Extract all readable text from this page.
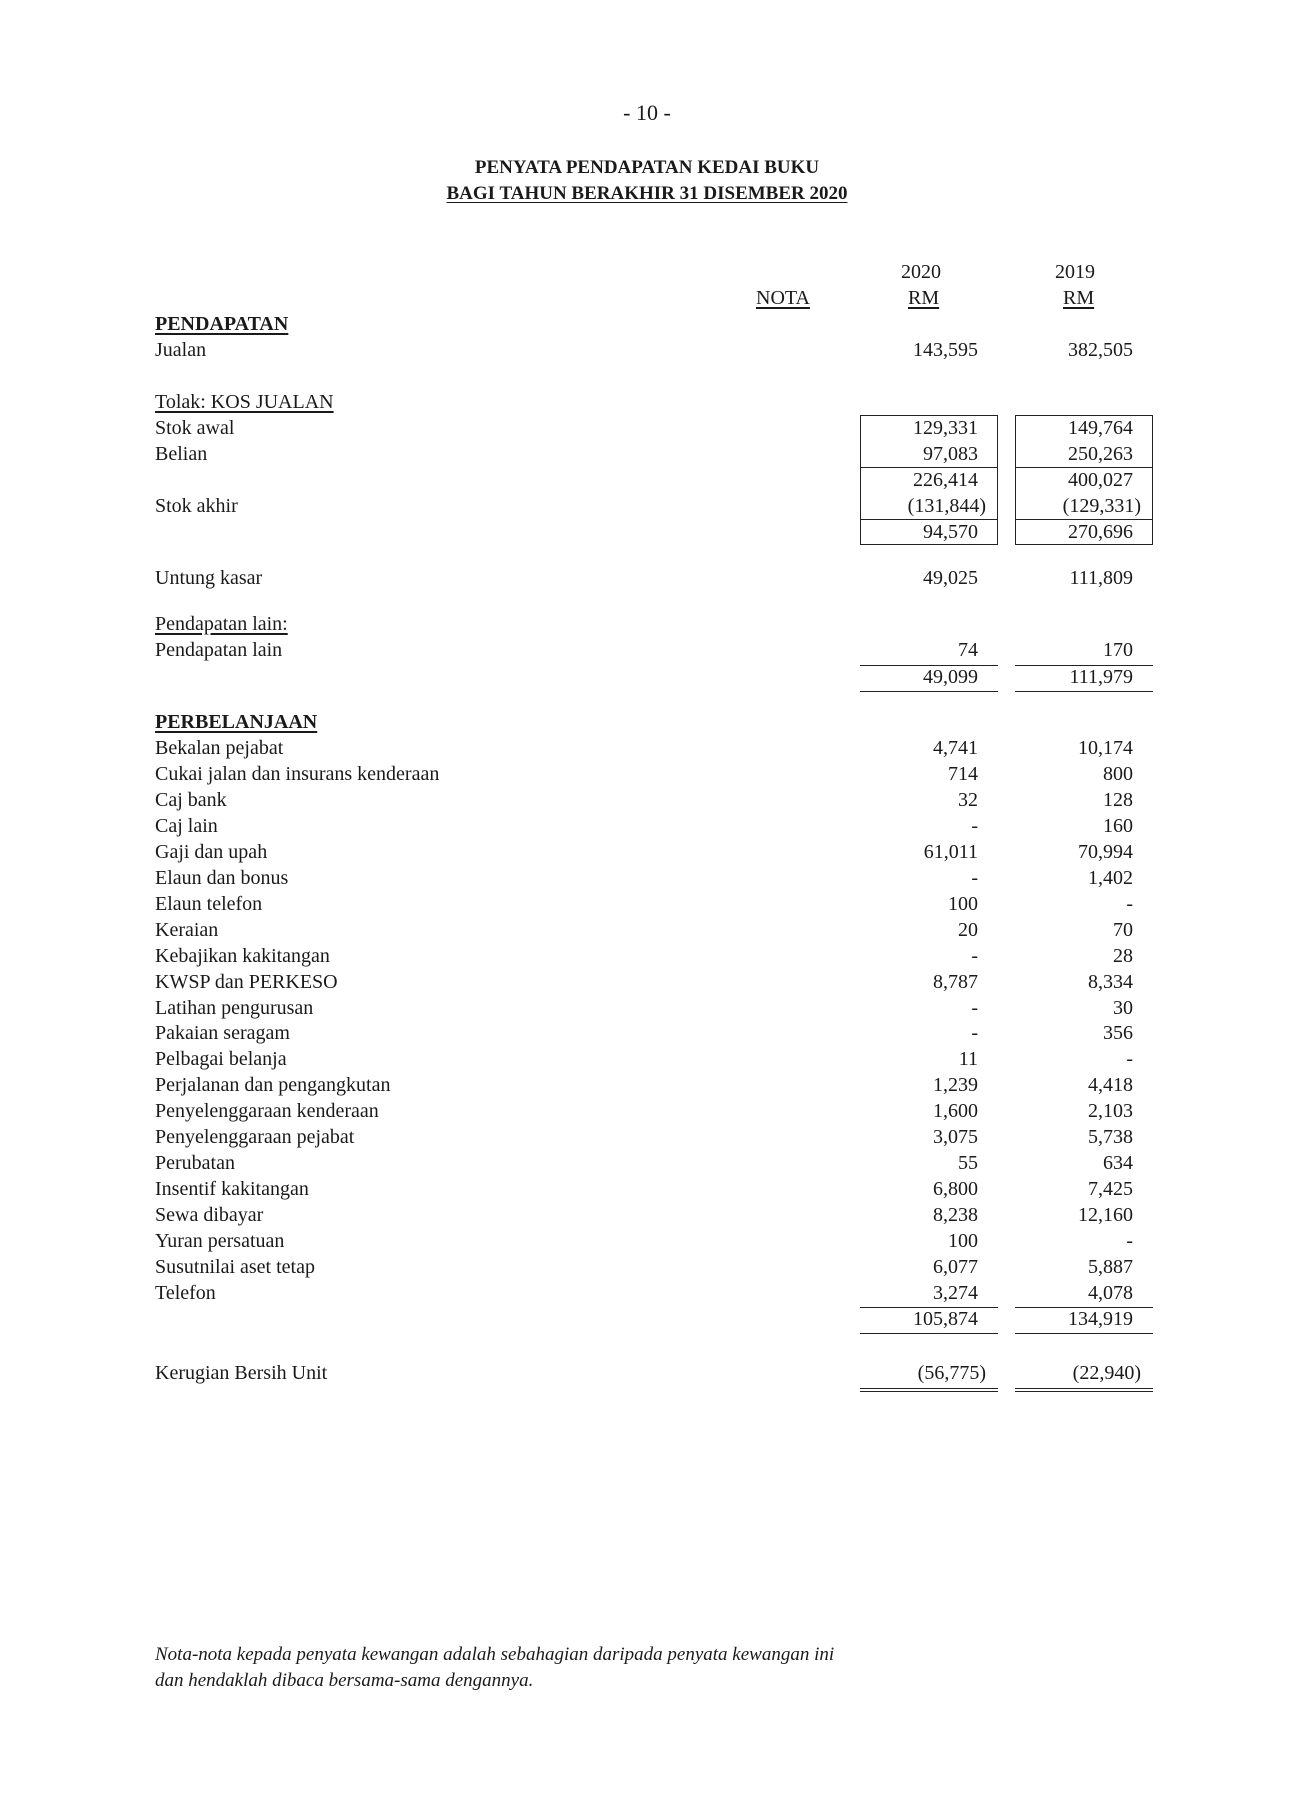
- 10 -
PENYATA PENDAPATAN KEDAI BUKU
BAGI TAHUN BERAKHIR 31 DISEMBER 2020
2020	2019
NOTA	RM	RM
PENDAPATAN
Jualan	143,595	382,505
Tolak: KOS JUALAN
Stok awal	129,331	149,764
Belian	97,083	250,263
226,414	400,027
Stok akhir	(131,844)	(129,331)
94,570	270,696
Untung kasar	49,025	111,809
Pendapatan lain:
Pendapatan lain	74	170
49,099	111,979
PERBELANJAAN
Bekalan pejabat	4,741	10,174
Cukai jalan dan insurans kenderaan	714	800
Caj bank	32	128
Caj lain	-	160
Gaji dan upah	61,011	70,994
Elaun dan bonus	-	1,402
Elaun telefon	100	-
Keraian	20	70
Kebajikan kakitangan	-	28
KWSP dan PERKESO	8,787	8,334
Latihan pengurusan	-	30
Pakaian seragam	-	356
Pelbagai belanja	11	-
Perjalanan dan pengangkutan	1,239	4,418
Penyelenggaraan kenderaan	1,600	2,103
Penyelenggaraan pejabat	3,075	5,738
Perubatan	55	634
Insentif kakitangan	6,800	7,425
Sewa dibayar	8,238	12,160
Yuran persatuan	100	-
Susutnilai aset tetap	6,077	5,887
Telefon	3,274	4,078
105,874	134,919
Kerugian Bersih Unit	(56,775)	(22,940)
Nota-nota kepada penyata kewangan adalah sebahagian daripada penyata kewangan ini
dan hendaklah dibaca bersama-sama dengannya.
